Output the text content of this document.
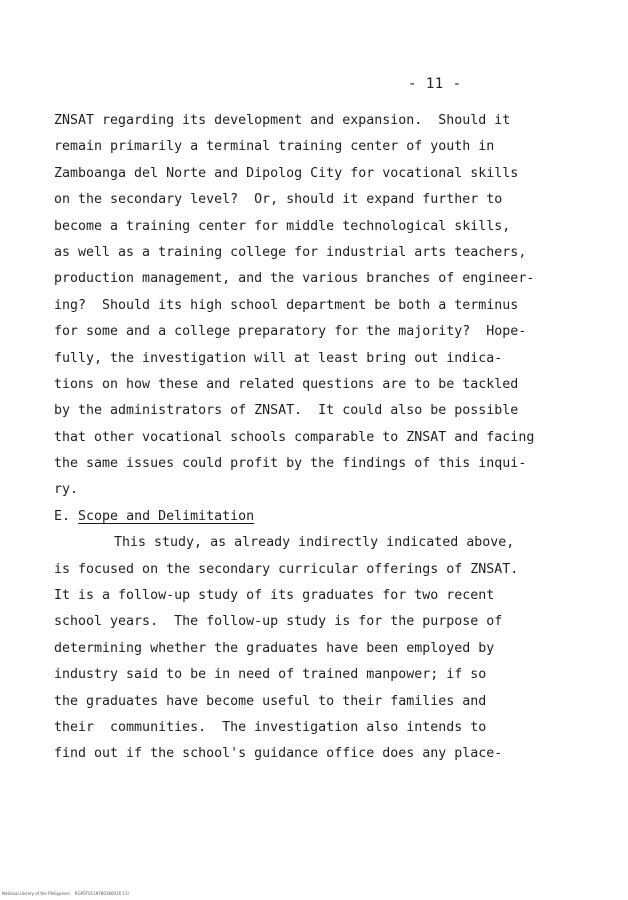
- 11 -
ZNSAT regarding its development and expansion.  Should it
remain primarily a terminal training center of youth in
Zamboanga del Norte and Dipolog City for vocational skills
on the secondary level?  Or, should it expand further to
become a training center for middle technological skills,
as well as a training college for industrial arts teachers,
production management, and the various branches of engineer-
ing?  Should its high school department be both a terminus
for some and a college preparatory for the majority?  Hope-
fully, the investigation will at least bring out indica-
tions on how these and related questions are to be tackled
by the administrators of ZNSAT.  It could also be possible
that other vocational schools comparable to ZNSAT and facing
the same issues could profit by the findings of this inqui-
ry.
E. Scope and Delimitation
This study, as already indirectly indicated above,
is focused on the secondary curricular offerings of ZNSAT.
It is a follow-up study of its graduates for two recent
school years.  The follow-up study is for the purpose of
determining whether the graduates have been employed by
industry said to be in need of trained manpower; if so
the graduates have become useful to their families and
their  communities.  The investigation also intends to
find out if the school's guidance office does any place-
National Library of the Philippines    RGP0T0119780180016 11I
